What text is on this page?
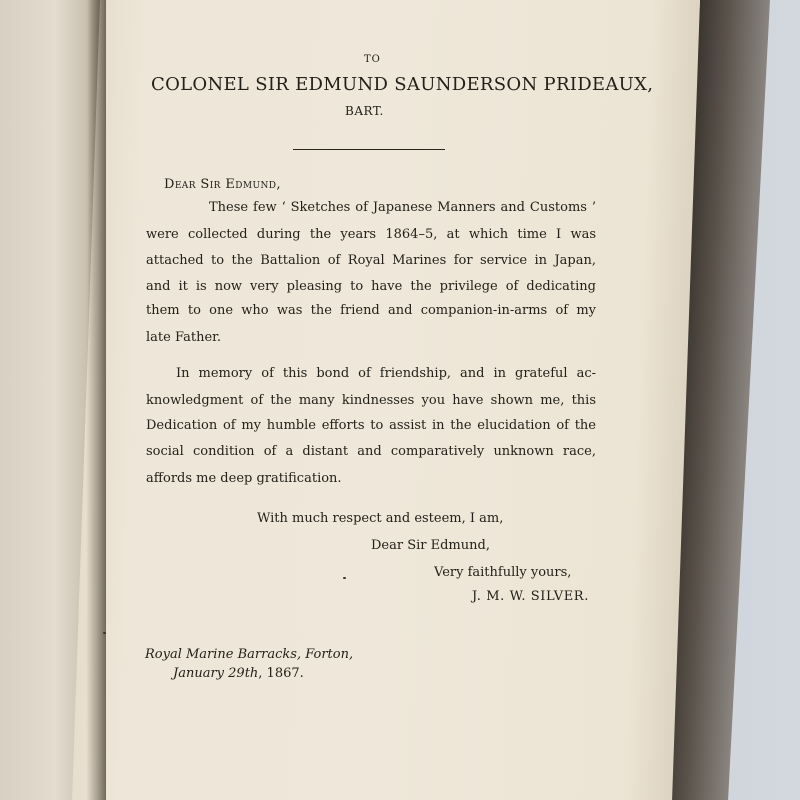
TO
COLONEL SIR EDMUND SAUNDERSON PRIDEAUX,
BART.
Dear Sir Edmund,
These few ‘ Sketches of Japanese Manners and Customs ’
were collected during the years 1864–5, at which time I was
attached to the Battalion of Royal Marines for service in Japan,
and it is now very pleasing to have the privilege of dedicating
them to one who was the friend and companion-in-arms of my
late Father.
In memory of this bond of friendship, and in grateful ac-
knowledgment of the many kindnesses you have shown me, this
Dedication of my humble efforts to assist in the elucidation of the
social condition of a distant and comparatively unknown race,
affords me deep gratification.
With much respect and esteem, I am,
Dear Sir Edmund,
Very faithfully yours,
J. M. W. SILVER.
Royal Marine Barracks, Forton,
January 29th, 1867.
